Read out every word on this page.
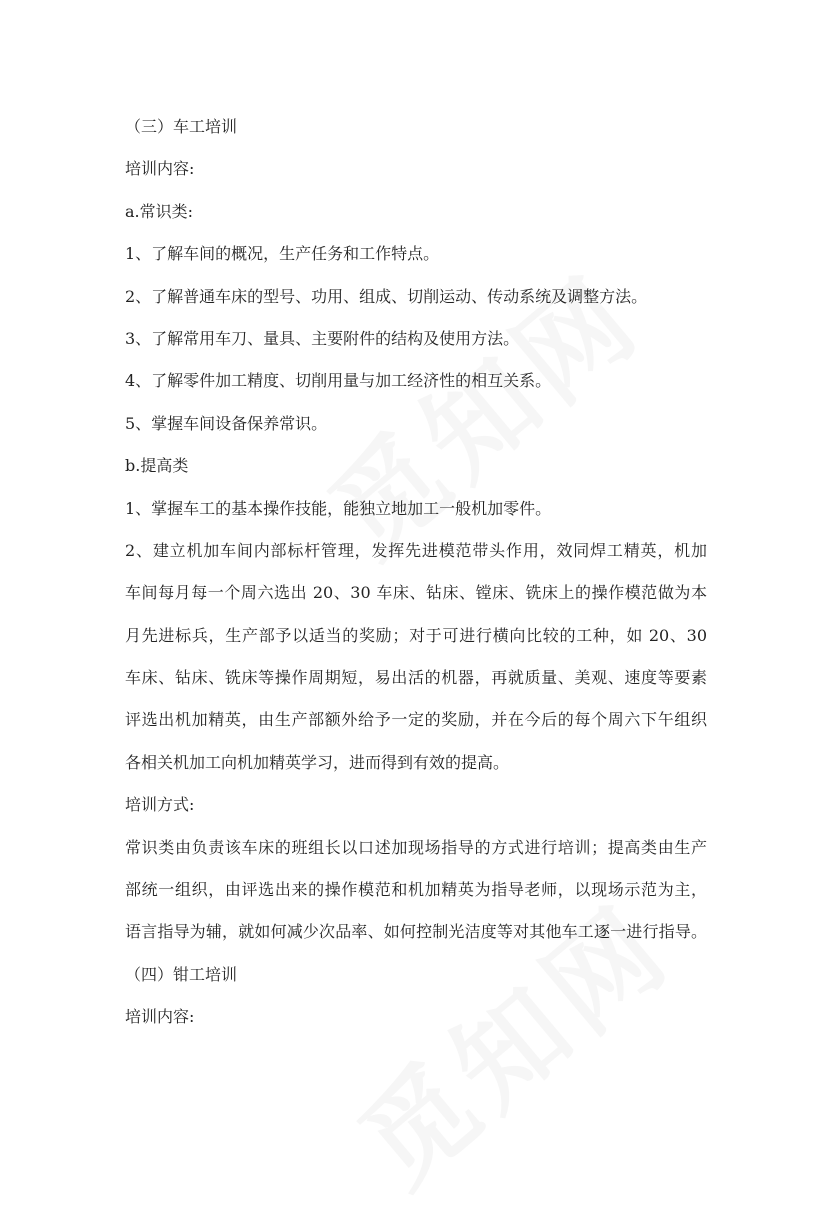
（三）车工培训
培训内容:
a.常识类:
1、了解车间的概况，生产任务和工作特点。
2、了解普通车床的型号、功用、组成、切削运动、传动系统及调整方法。
3、了解常用车刀、量具、主要附件的结构及使用方法。
4、了解零件加工精度、切削用量与加工经济性的相互关系。
5、掌握车间设备保养常识。
b.提高类
1、掌握车工的基本操作技能，能独立地加工一般机加零件。
2、建立机加车间内部标杆管理，发挥先进模范带头作用，效同焊工精英，机加
车间每月每一个周六选出 20、30 车床、钻床、镗床、铣床上的操作模范做为本
月先进标兵，生产部予以适当的奖励；对于可进行横向比较的工种，如 20、30
车床、钻床、铣床等操作周期短，易出活的机器，再就质量、美观、速度等要素
评选出机加精英，由生产部额外给予一定的奖励，并在今后的每个周六下午组织
各相关机加工向机加精英学习，进而得到有效的提高。
培训方式:
常识类由负责该车床的班组长以口述加现场指导的方式进行培训；提高类由生产
部统一组织，由评选出来的操作模范和机加精英为指导老师，以现场示范为主，
语言指导为辅，就如何减少次品率、如何控制光洁度等对其他车工逐一进行指导。
（四）钳工培训
培训内容:
